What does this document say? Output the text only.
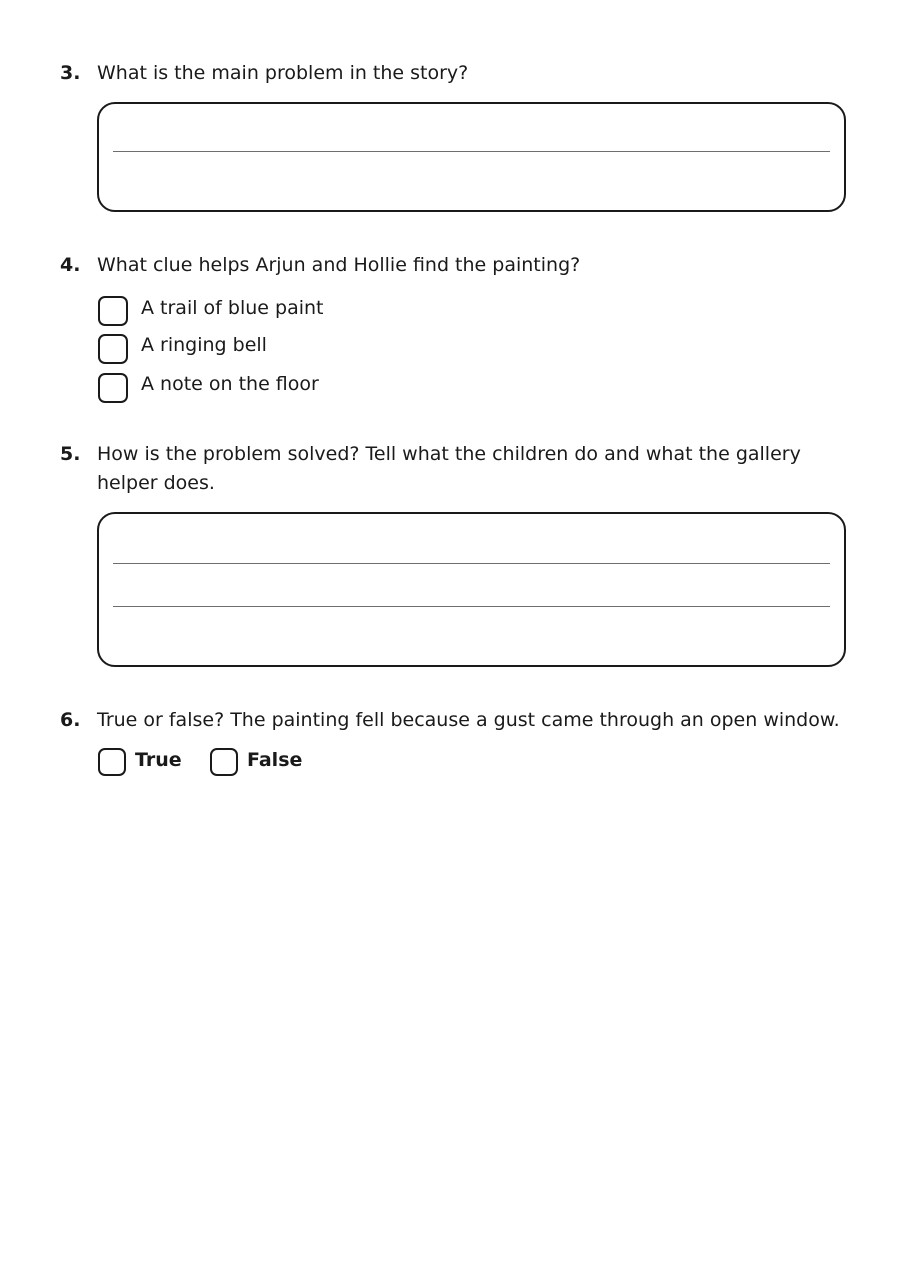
3. What is the main problem in the story?
4. What clue helps Arjun and Hollie find the painting?
A trail of blue paint
A ringing bell
A note on the floor
5. How is the problem solved? Tell what the children do and what the gallery helper does.
6. True or false? The painting fell because a gust came through an open window.
True	False
